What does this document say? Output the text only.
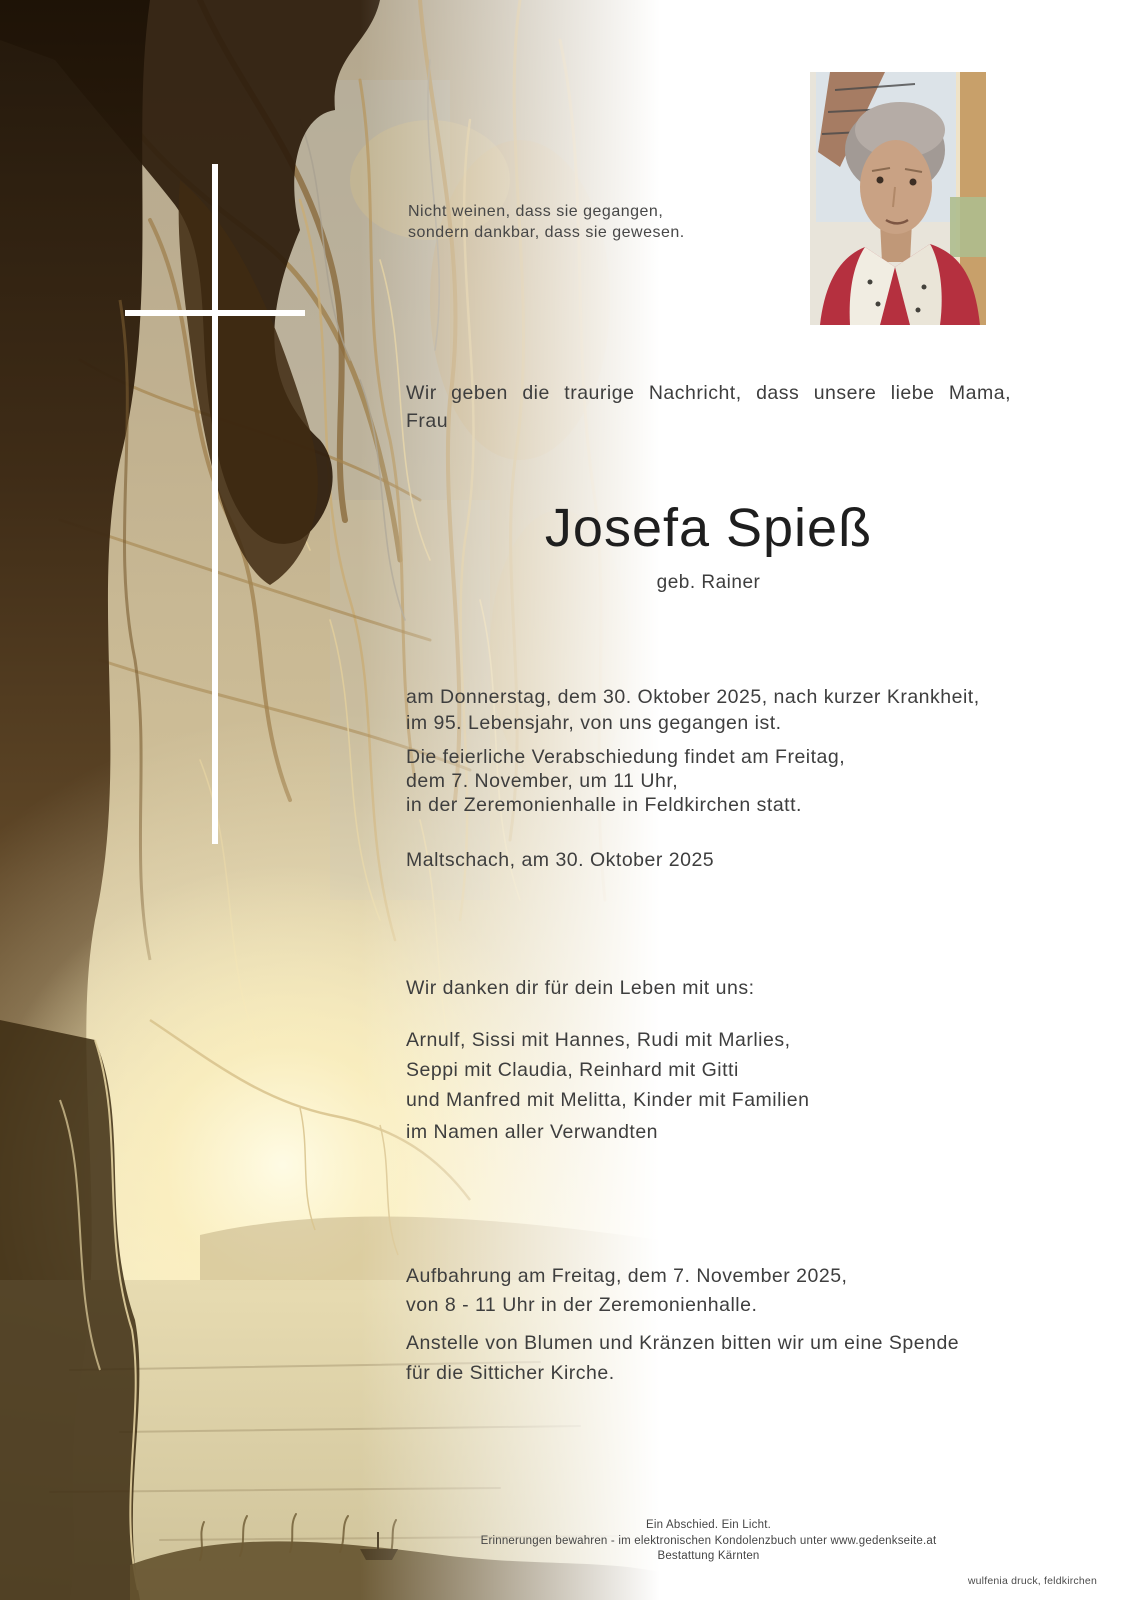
Nicht weinen, dass sie gegangen,
sondern dankbar, dass sie gewesen.
Wir geben die traurige Nachricht, dass unsere liebe Mama,
Frau
Josefa Spieß
geb. Rainer
am Donnerstag, dem 30. Oktober 2025, nach kurzer Krankheit,
im 95. Lebensjahr, von uns gegangen ist.
Die feierliche Verabschiedung findet am Freitag,
dem 7. November, um 11 Uhr,
in der Zeremonienhalle in Feldkirchen statt.
Maltschach, am 30. Oktober 2025
Wir danken dir für dein Leben mit uns:
Arnulf, Sissi mit Hannes, Rudi mit Marlies,
Seppi mit Claudia, Reinhard mit Gitti
und Manfred mit Melitta, Kinder mit Familien
im Namen aller Verwandten
Aufbahrung am Freitag, dem 7. November 2025,
von 8 - 11 Uhr in der Zeremonienhalle.
Anstelle von Blumen und Kränzen bitten wir um eine Spende
für die Sitticher Kirche.
Ein Abschied. Ein Licht.
Erinnerungen bewahren - im elektronischen Kondolenzbuch unter www.gedenkseite.at
Bestattung Kärnten
wulfenia druck, feldkirchen
